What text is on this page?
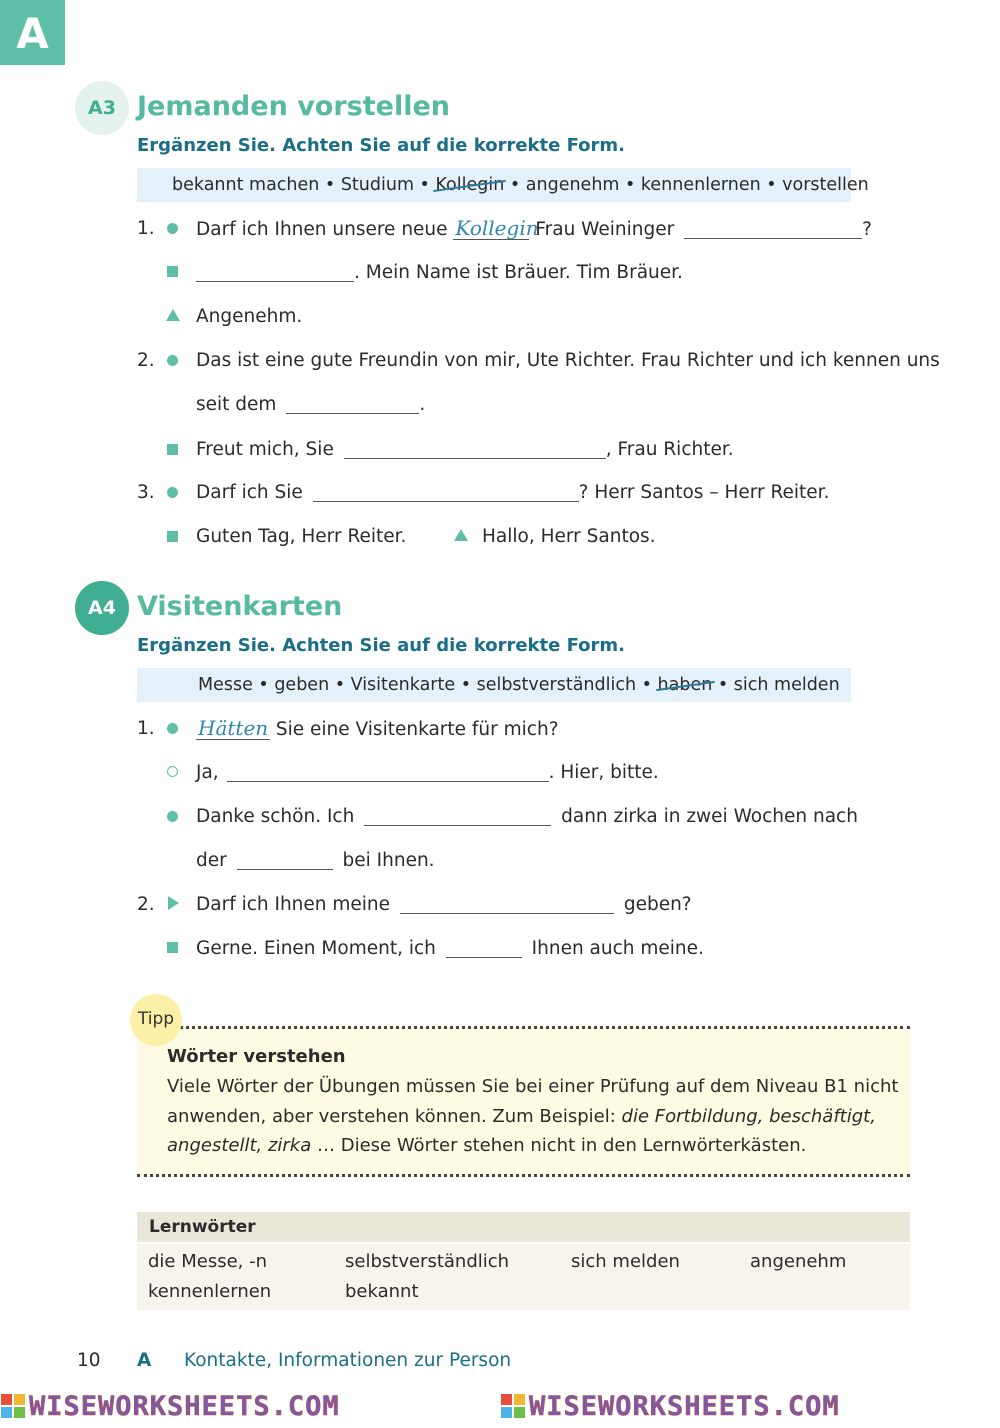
A
A3 Jemanden vorstellen
Ergänzen Sie. Achten Sie auf die korrekte Form.
bekannt machen • Studium • Kollegin • angenehm • kennenlernen • vorstellen
1. Darf ich Ihnen unsere neue Kollegin Frau Weininger	?
. Mein Name ist Bräuer. Tim Bräuer.
Angenehm.
2. Das ist eine gute Freundin von mir, Ute Richter. Frau Richter und ich kennen uns
seit dem	.
Freut mich, Sie	, Frau Richter.
3. Darf ich Sie	? Herr Santos – Herr Reiter.
Guten Tag, Herr Reiter.	Hallo, Herr Santos.
A4 Visitenkarten
Ergänzen Sie. Achten Sie auf die korrekte Form.
Messe • geben • Visitenkarte • selbstverständlich • haben • sich melden
1. Hätten Sie eine Visitenkarte für mich?
Ja,	. Hier, bitte.
Danke schön. Ich	dann zirka in zwei Wochen nach
der	bei Ihnen.
2. Darf ich Ihnen meine	geben?
Gerne. Einen Moment, ich	Ihnen auch meine.
Tipp
Wörter verstehen
Viele Wörter der Übungen müssen Sie bei einer Prüfung auf dem Niveau B1 nicht
anwenden, aber verstehen können. Zum Beispiel: die Fortbildung, beschäftigt,
angestellt, zirka … Diese Wörter stehen nicht in den Lernwörterkästen.
Lernwörter
die Messe, -n	selbstverständlich	sich melden	angenehm
kennenlernen	bekannt
10 A Kontakte, Informationen zur Person
WISEWORKSHEETS.COM	WISEWORKSHEETS.COM
